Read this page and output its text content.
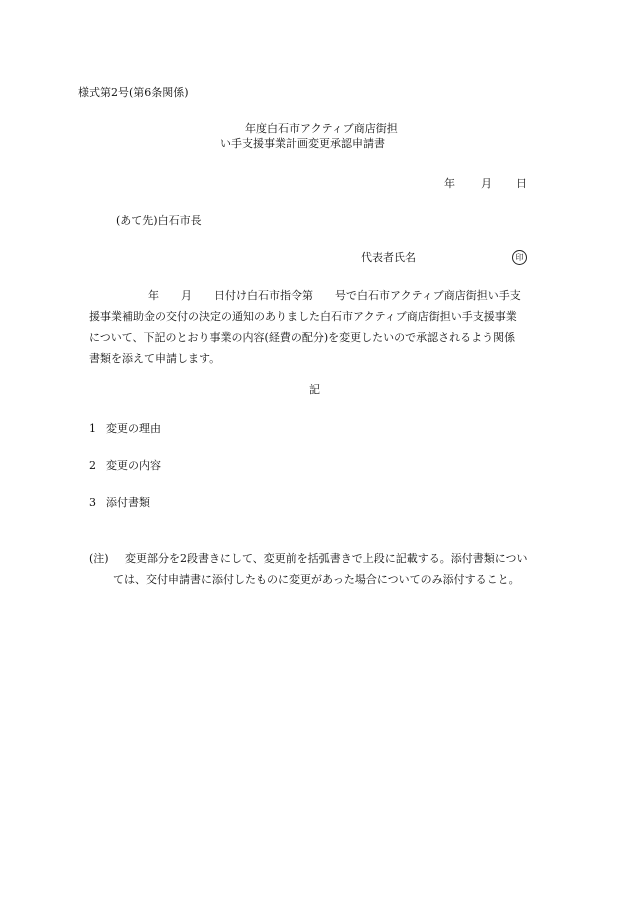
様式第2号(第6条関係)
年度白石市アクティブ商店街担
い手支援事業計画変更承認申請書
年 月 日
(あて先)白石市長
代表者氏名	印
年　　月　　日付け白石市指令第　　号で白石市アクティブ商店街担い手支
援事業補助金の交付の決定の通知のありました白石市アクティブ商店街担い手支援事業
について、下記のとおり事業の内容(経費の配分)を変更したいので承認されるよう関係
書類を添えて申請します。
記
1 変更の理由
2 変更の内容
3 添付書類
(注) 変更部分を2段書きにして、変更前を括弧書きで上段に記載する。添付書類につい
ては、交付申請書に添付したものに変更があった場合についてのみ添付すること。
